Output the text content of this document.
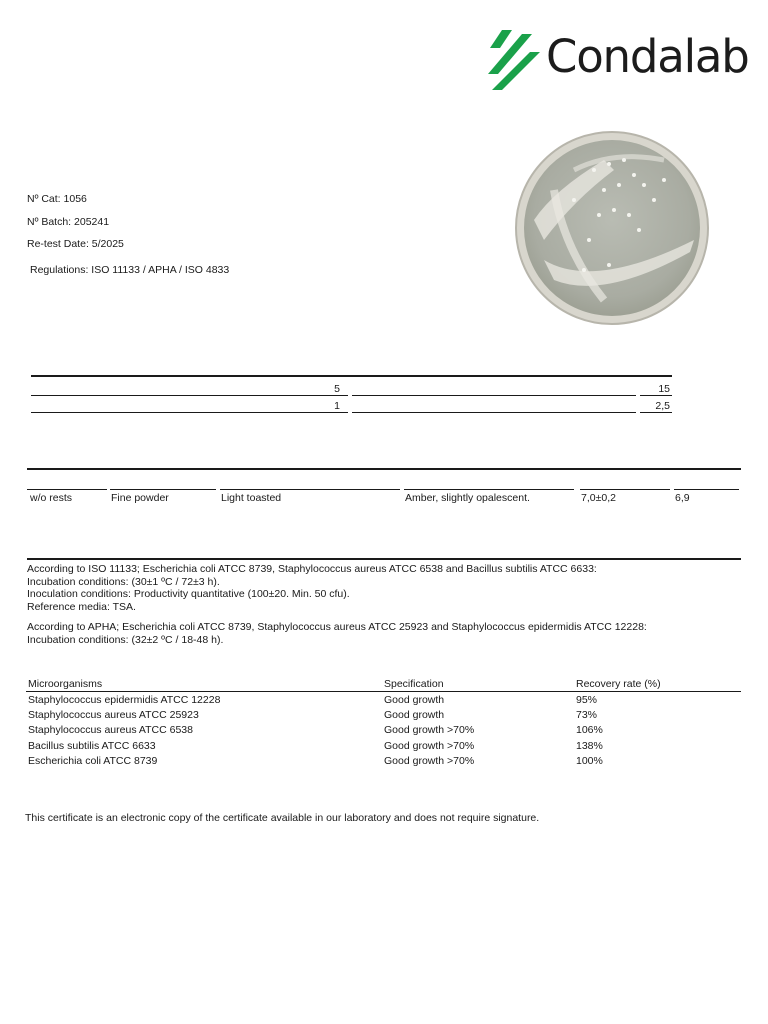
Condalab
Nº Cat: 1056
Nº Batch: 205241
Re-test Date: 5/2025
Regulations: ISO 11133 / APHA / ISO 4833
5	15
1	2,5
w/o rests	Fine powder	Light toasted	Amber, slightly opalescent.	7,0±0,2	6,9
According to ISO 11133; Escherichia coli ATCC 8739, Staphylococcus aureus ATCC 6538 and Bacillus subtilis ATCC 6633:
Incubation conditions: (30±1 ºC / 72±3 h).
Inoculation conditions: Productivity quantitative (100±20. Min. 50 cfu).
Reference media: TSA.
According to APHA; Escherichia coli ATCC 8739, Staphylococcus aureus ATCC 25923 and Staphylococcus epidermidis ATCC 12228:
Incubation conditions: (32±2 ºC / 18-48 h).
Microorganisms	Specification	Recovery rate (%)
Staphylococcus epidermidis ATCC 12228	Good growth	95%
Staphylococcus aureus ATCC 25923	Good growth	73%
Staphylococcus aureus ATCC 6538	Good growth >70%	106%
Bacillus subtilis ATCC 6633	Good growth >70%	138%
Escherichia coli ATCC 8739	Good growth >70%	100%
This certificate is an electronic copy of the certificate available in our laboratory and does not require signature.
